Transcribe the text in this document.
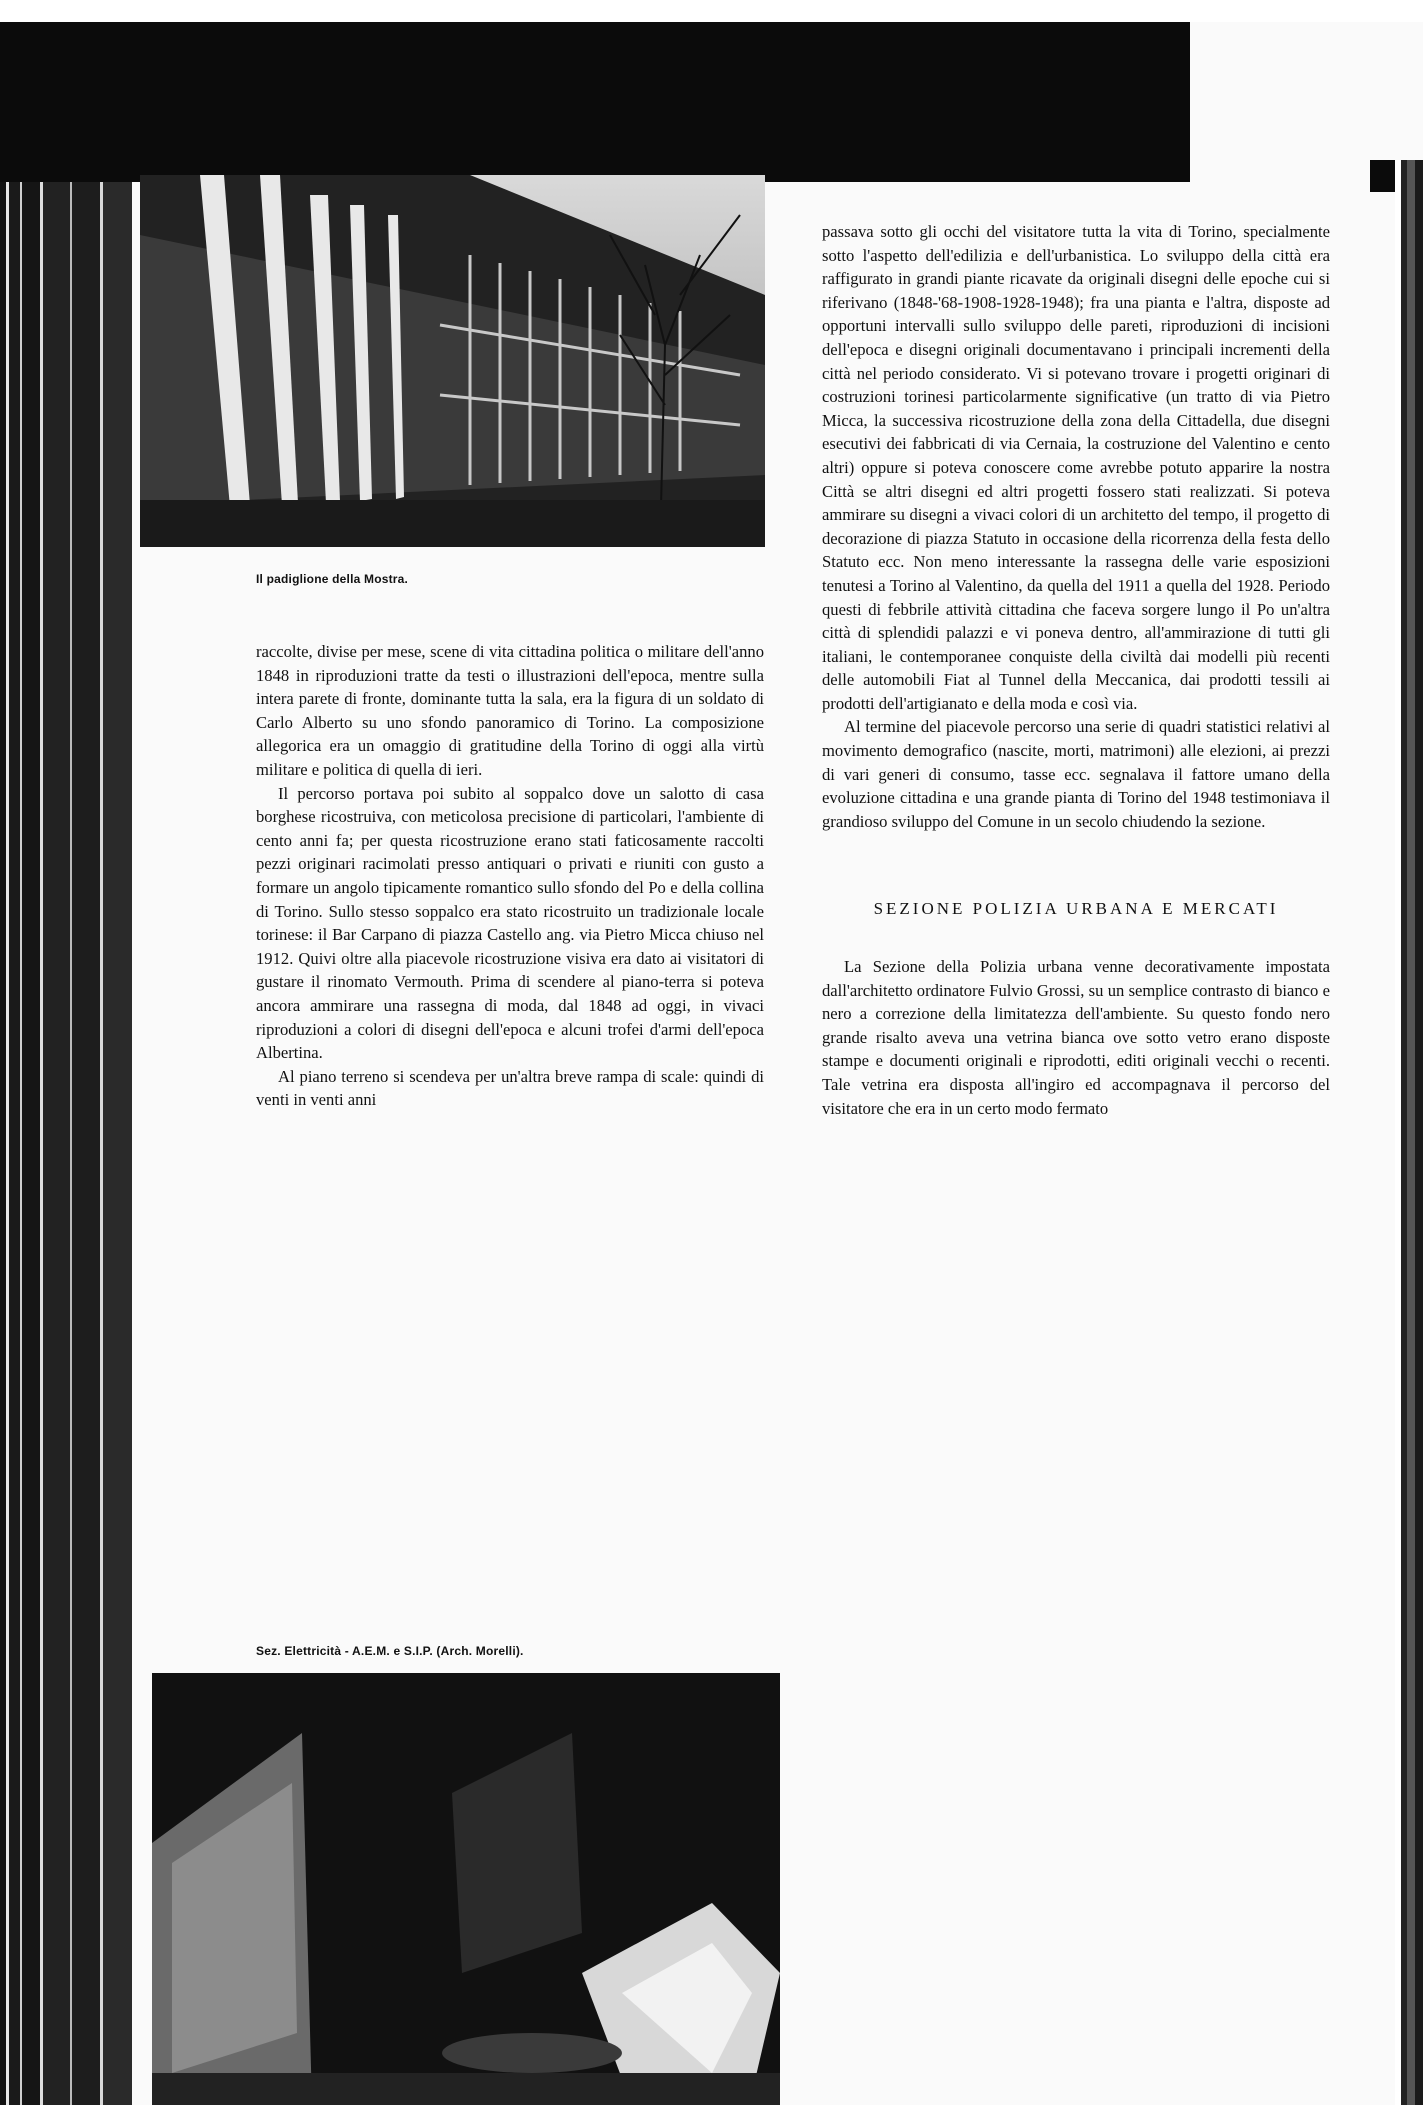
Il padiglione della Mostra.

raccolte, divise per mese, scene di vita cittadina politica o militare dell'anno 1848 in riproduzioni tratte da testi o illustrazioni dell'epoca, mentre sulla intera parete di fronte, dominante tutta la sala, era la figura di un soldato di Carlo Alberto su uno sfondo panoramico di Torino. La composizione allegorica era un omaggio di gratitudine della Torino di oggi alla virtù militare e politica di quella di ieri.

Il percorso portava poi subito al soppalco dove un salotto di casa borghese ricostruiva, con meticolosa precisione di particolari, l'ambiente di cento anni fa; per questa ricostruzione erano stati faticosamente raccolti pezzi originari racimolati presso antiquari o privati e riuniti con gusto a formare un angolo tipicamente romantico sullo sfondo del Po e della collina di Torino. Sullo stesso soppalco era stato ricostruito un tradizionale locale torinese: il Bar Carpano di piazza Castello ang. via Pietro Micca chiuso nel 1912. Quivi oltre alla piacevole ricostruzione visiva era dato ai visitatori di gustare il rinomato Vermouth. Prima di scendere al piano-terra si poteva ancora ammirare una rassegna di moda, dal 1848 ad oggi, in vivaci riproduzioni a colori di disegni dell'epoca e alcuni trofei d'armi dell'epoca Albertina.

Al piano terreno si scendeva per un'altra breve rampa di scale: quindi di venti in venti anni

Sez. Elettricità - A.E.M. e S.I.P. (Arch. Morelli).

passava sotto gli occhi del visitatore tutta la vita di Torino, specialmente sotto l'aspetto dell'edilizia e dell'urbanistica. Lo sviluppo della città era raffigurato in grandi piante ricavate da originali disegni delle epoche cui si riferivano (1848-'68-1908-1928-1948); fra una pianta e l'altra, disposte ad opportuni intervalli sullo sviluppo delle pareti, riproduzioni di incisioni dell'epoca e disegni originali documentavano i principali incrementi della città nel periodo considerato. Vi si potevano trovare i progetti originari di costruzioni torinesi particolarmente significative (un tratto di via Pietro Micca, la successiva ricostruzione della zona della Cittadella, due disegni esecutivi dei fabbricati di via Cernaia, la costruzione del Valentino e cento altri) oppure si poteva conoscere come avrebbe potuto apparire la nostra Città se altri disegni ed altri progetti fossero stati realizzati. Si poteva ammirare su disegni a vivaci colori di un architetto del tempo, il progetto di decorazione di piazza Statuto in occasione della ricorrenza della festa dello Statuto ecc. Non meno interessante la rassegna delle varie esposizioni tenutesi a Torino al Valentino, da quella del 1911 a quella del 1928. Periodo questi di febbrile attività cittadina che faceva sorgere lungo il Po un'altra città di splendidi palazzi e vi poneva dentro, all'ammirazione di tutti gli italiani, le contemporanee conquiste della civiltà dai modelli più recenti delle automobili Fiat al Tunnel della Meccanica, dai prodotti tessili ai prodotti dell'artigianato e della moda e così via.

Al termine del piacevole percorso una serie di quadri statistici relativi al movimento demografico (nascite, morti, matrimoni) alle elezioni, ai prezzi di vari generi di consumo, tasse ecc. segnalava il fattore umano della evoluzione cittadina e una grande pianta di Torino del 1948 testimoniava il grandioso sviluppo del Comune in un secolo chiudendo la sezione.

SEZIONE POLIZIA URBANA E MERCATI

La Sezione della Polizia urbana venne decorativamente impostata dall'architetto ordinatore Fulvio Grossi, su un semplice contrasto di bianco e nero a correzione della limitatezza dell'ambiente. Su questo fondo nero grande risalto aveva una vetrina bianca ove sotto vetro erano disposte stampe e documenti originali e riprodotti, editi originali vecchi o recenti. Tale vetrina era disposta all'ingiro ed accompagnava il percorso del visitatore che era in un certo modo fermato
